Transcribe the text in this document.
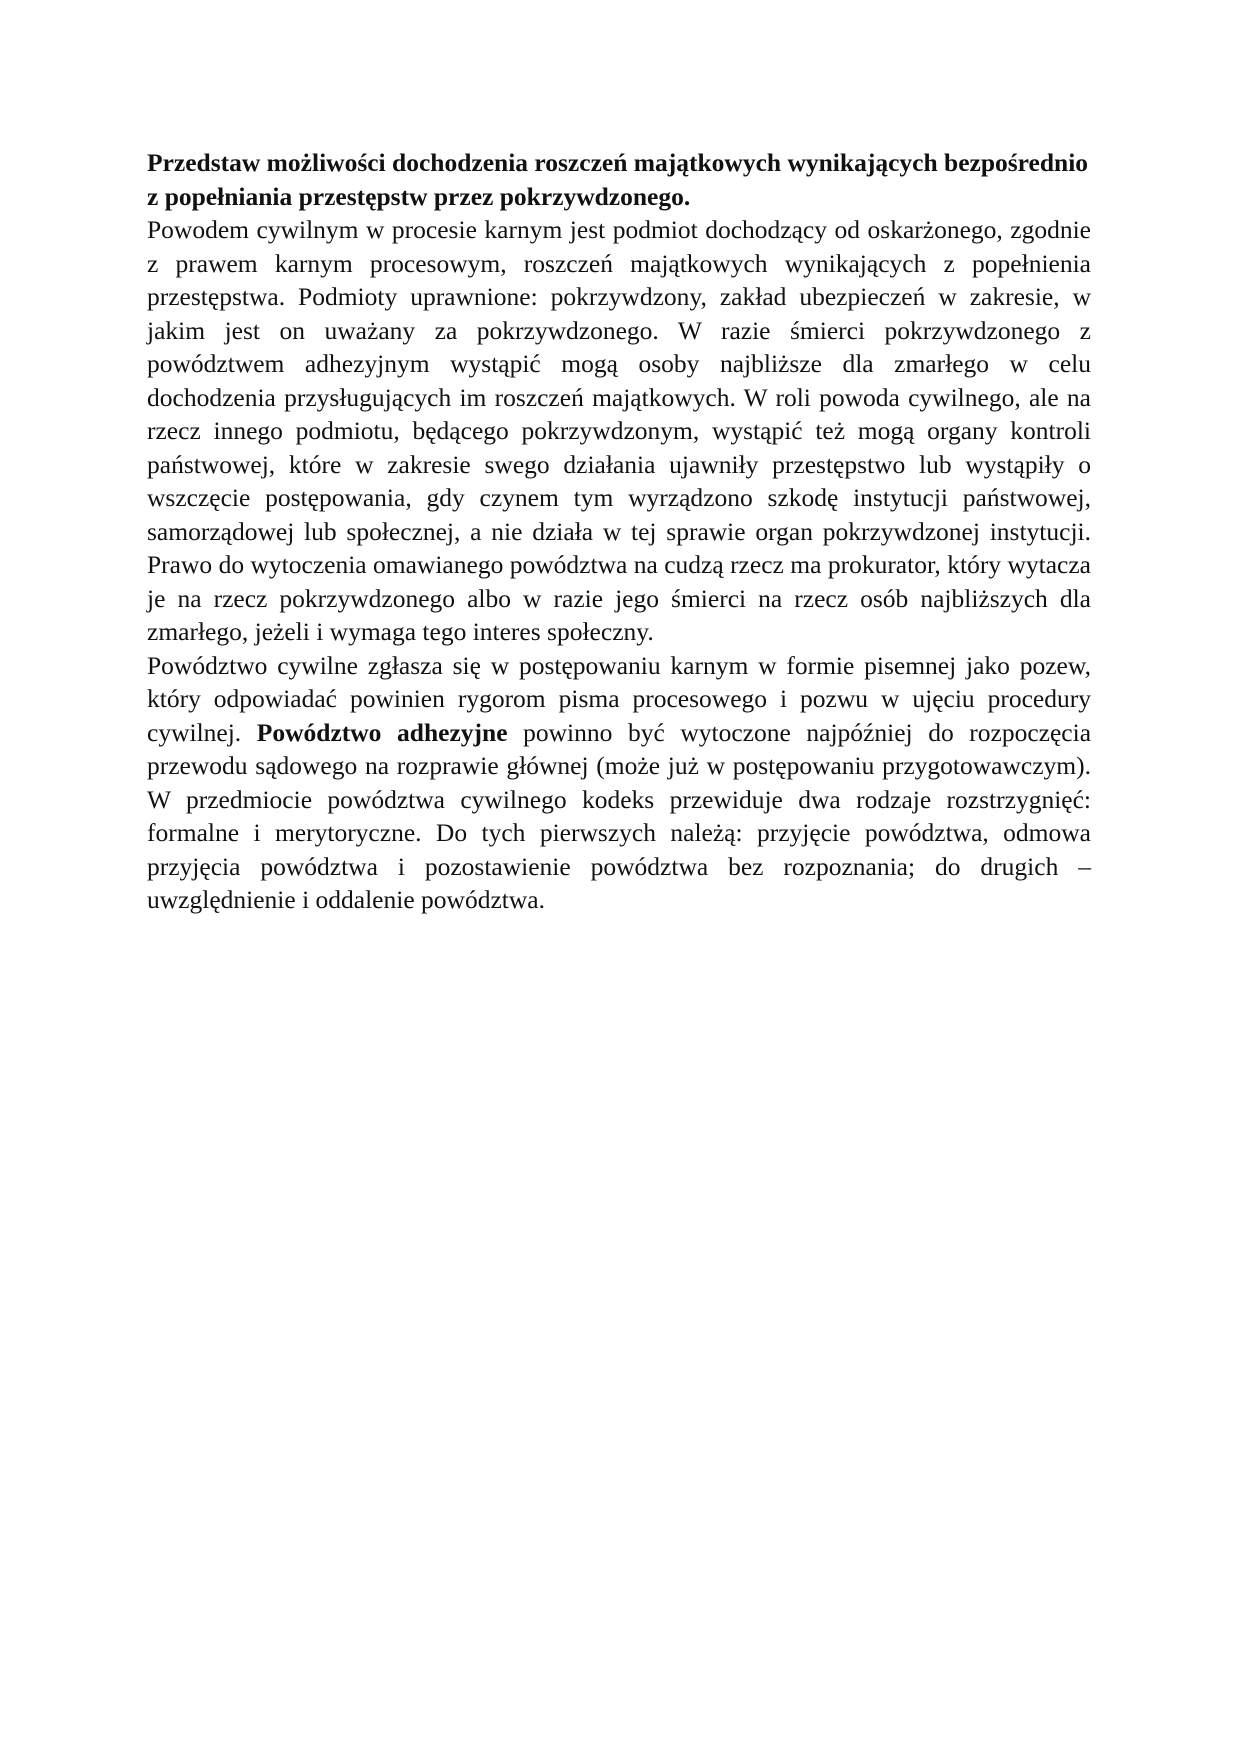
Przedstaw możliwości dochodzenia roszczeń majątkowych wynikających bezpośrednio z popełniania przestępstw przez pokrzywdzonego.

Powodem cywilnym w procesie karnym jest podmiot dochodzący od oskarżonego, zgodnie z prawem karnym procesowym, roszczeń majątkowych wynikających z popełnienia przestępstwa. Podmioty uprawnione: pokrzywdzony, zakład ubezpieczeń w zakresie, w jakim jest on uważany za pokrzywdzonego. W razie śmierci pokrzywdzonego z powództwem adhezyjnym wystąpić mogą osoby najbliższe dla zmarłego w celu dochodzenia przysługujących im roszczeń majątkowych. W roli powoda cywilnego, ale na rzecz innego podmiotu, będącego pokrzywdzonym, wystąpić też mogą organy kontroli państwowej, które w zakresie swego działania ujawniły przestępstwo lub wystąpiły o wszczęcie postępowania, gdy czynem tym wyrządzono szkodę instytucji państwowej, samorządowej lub społecznej, a nie działa w tej sprawie organ pokrzywdzonej instytucji. Prawo do wytoczenia omawianego powództwa na cudzą rzecz ma prokurator, który wytacza je na rzecz pokrzywdzonego albo w razie jego śmierci na rzecz osób najbliższych dla zmarłego, jeżeli i wymaga tego interes społeczny.

Powództwo cywilne zgłasza się w postępowaniu karnym w formie pisemnej jako pozew, który odpowiadać powinien rygorom pisma procesowego i pozwu w ujęciu procedury cywilnej. Powództwo adhezyjne powinno być wytoczone najpóźniej do rozpoczęcia przewodu sądowego na rozprawie głównej (może już w postępowaniu przygotowawczym). W przedmiocie powództwa cywilnego kodeks przewiduje dwa rodzaje rozstrzygnięć: formalne i merytoryczne. Do tych pierwszych należą: przyjęcie powództwa, odmowa przyjęcia powództwa i pozostawienie powództwa bez rozpoznania; do drugich – uwzględnienie i oddalenie powództwa.
